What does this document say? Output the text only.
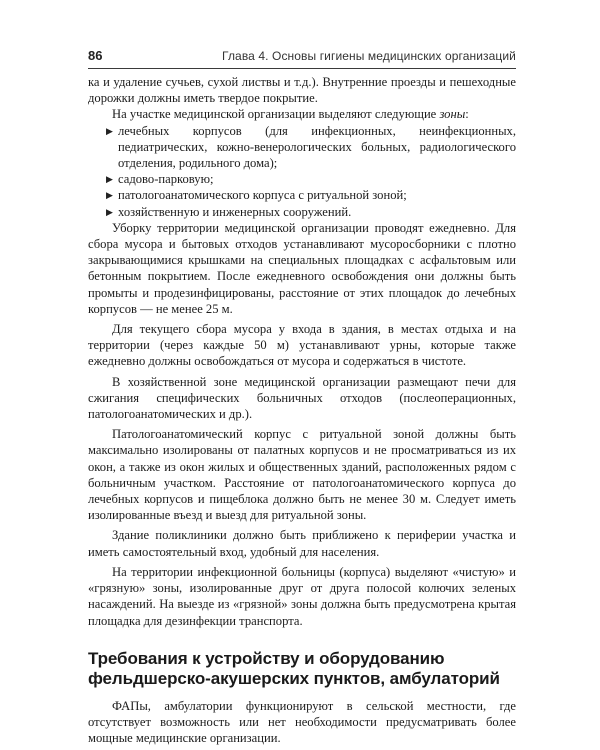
86	Глава 4. Основы гигиены медицинских организаций

ка и удаление сучьев, сухой листвы и т.д.). Внутренние проезды и пешеходные дорожки должны иметь твердое покрытие.

На участке медицинской организации выделяют следующие зоны:

▶ лечебных корпусов (для инфекционных, неинфекционных, педиатрических, кожно-венерологических больных, радиологического отделения, родильного дома);
▶ садово-парковую;
▶ патологоанатомического корпуса с ритуальной зоной;
▶ хозяйственную и инженерных сооружений.

Уборку территории медицинской организации проводят ежедневно. Для сбора мусора и бытовых отходов устанавливают мусоросборники с плотно закрывающимися крышками на специальных площадках с асфальтовым или бетонным покрытием. После ежедневного освобождения они должны быть промыты и продезинфицированы, расстояние от этих площадок до лечебных корпусов — не менее 25 м.

Для текущего сбора мусора у входа в здания, в местах отдыха и на территории (через каждые 50 м) устанавливают урны, которые также ежедневно должны освобождаться от мусора и содержаться в чистоте.

В хозяйственной зоне медицинской организации размещают печи для сжигания специфических больничных отходов (послеоперационных, патологоанатомических и др.).

Патологоанатомический корпус с ритуальной зоной должны быть максимально изолированы от палатных корпусов и не просматриваться из их окон, а также из окон жилых и общественных зданий, расположенных рядом с больничным участком. Расстояние от патологоанатомического корпуса до лечебных корпусов и пищеблока должно быть не менее 30 м. Следует иметь изолированные въезд и выезд для ритуальной зоны.

Здание поликлиники должно быть приближено к периферии участка и иметь самостоятельный вход, удобный для населения.

На территории инфекционной больницы (корпуса) выделяют «чистую» и «грязную» зоны, изолированные друг от друга полосой колючих зеленых насаждений. На выезде из «грязной» зоны должна быть предусмотрена крытая площадка для дезинфекции транспорта.

Требования к устройству и оборудованию
фельдшерско-акушерских пунктов, амбулаторий

ФАПы, амбулатории функционируют в сельской местности, где отсутствует возможность или нет необходимости предусматривать более мощные медицинские организации.
